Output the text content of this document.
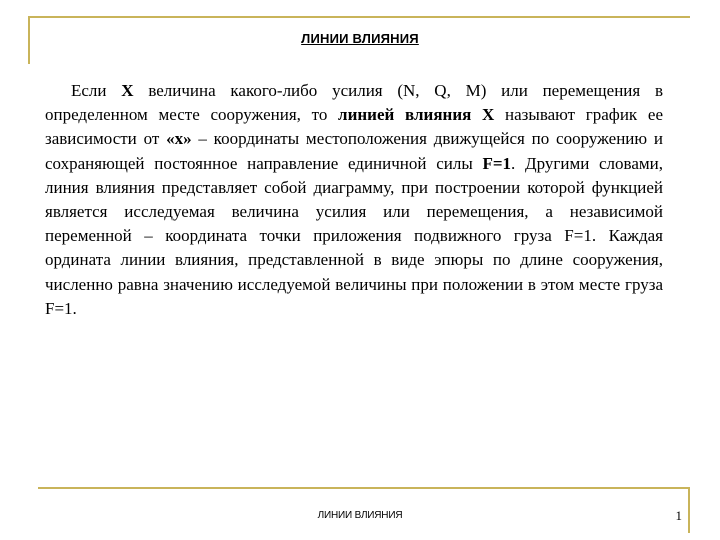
ЛИНИИ ВЛИЯНИЯ

Если X величина какого-либо усилия (N, Q, M) или перемещения в определенном месте сооружения, то линией влияния X называют график ее зависимости от «x» – координаты местоположения движущейся по сооружению и сохраняющей постоянное направление единичной силы F=1. Другими словами, линия влияния представляет собой диаграмму, при построении которой функцией является исследуемая величина усилия или перемещения, а независимой переменной – координата точки приложения подвижного груза F=1. Каждая ордината линии влияния, представленной в виде эпюры по длине сооружения, численно равна значению исследуемой величины при положении в этом месте груза F=1.

ЛИНИИ ВЛИЯНИЯ	1
